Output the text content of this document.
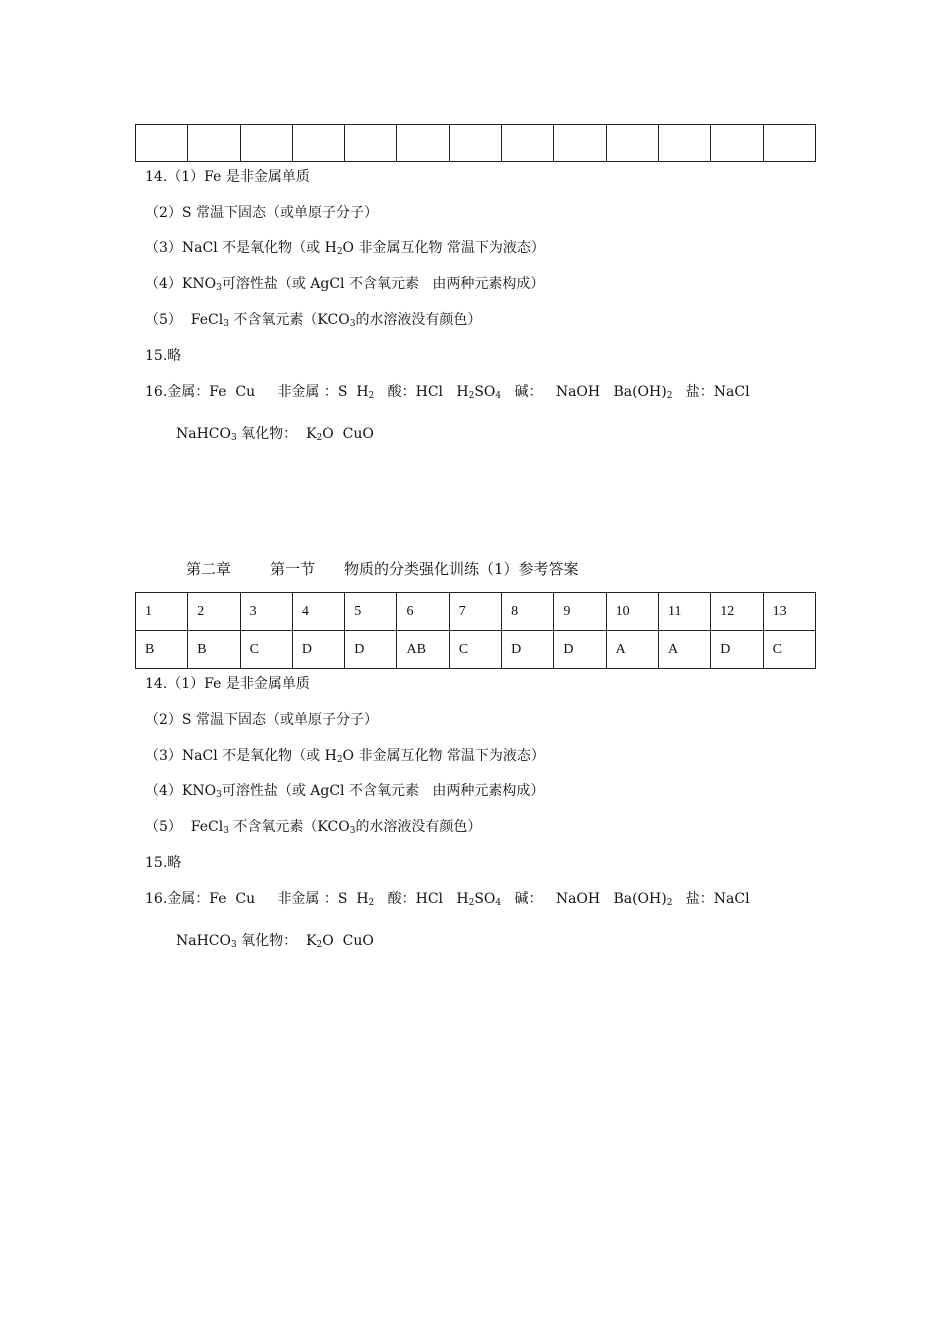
14.（1）Fe 是非金属单质
（2）S 常温下固态（或单原子分子）
（3）NaCl 不是氧化物（或 $H_2O$ 非金属互化物 常温下为液态）
$(4)KNO_3$可溶性盐（或 AgCl 不含氧元素   由两种元素构成）
（5）  FeCl$_3$ 不含氧元素（$KCO_3$的水溶液没有颜色）
15.略
16.金属：Fe  Cu     非金属 ：S  $H_2$   酸：HCl   $H_2SO_4$   碱：   NaOH   $Ba(OH)_2$   盐：NaCl
NaHCO$_3$ 氧化物：  $K_2O$  CuO
第二章	第一节 物质的分类强化训练（1）参考答案
1	2	3	4	5	6	7	8	9	10	11	12	13
B	B	C	D	D	AB	C	D	D	A	A	D	C
14.（1）Fe 是非金属单质
（2）S 常温下固态（或单原子分子）
（3）NaCl 不是氧化物（或 $H_2O$ 非金属互化物 常温下为液态）
$(4)KNO_3$可溶性盐（或 AgCl 不含氧元素   由两种元素构成）
（5）  FeCl$_3$ 不含氧元素（$KCO_3$的水溶液没有颜色）
15.略
16.金属：Fe  Cu     非金属 ：S  $H_2$   酸：HCl   $H_2SO_4$   碱：   NaOH   $Ba(OH)_2$   盐：NaCl
NaHCO$_3$ 氧化物：  $K_2O$  CuO
